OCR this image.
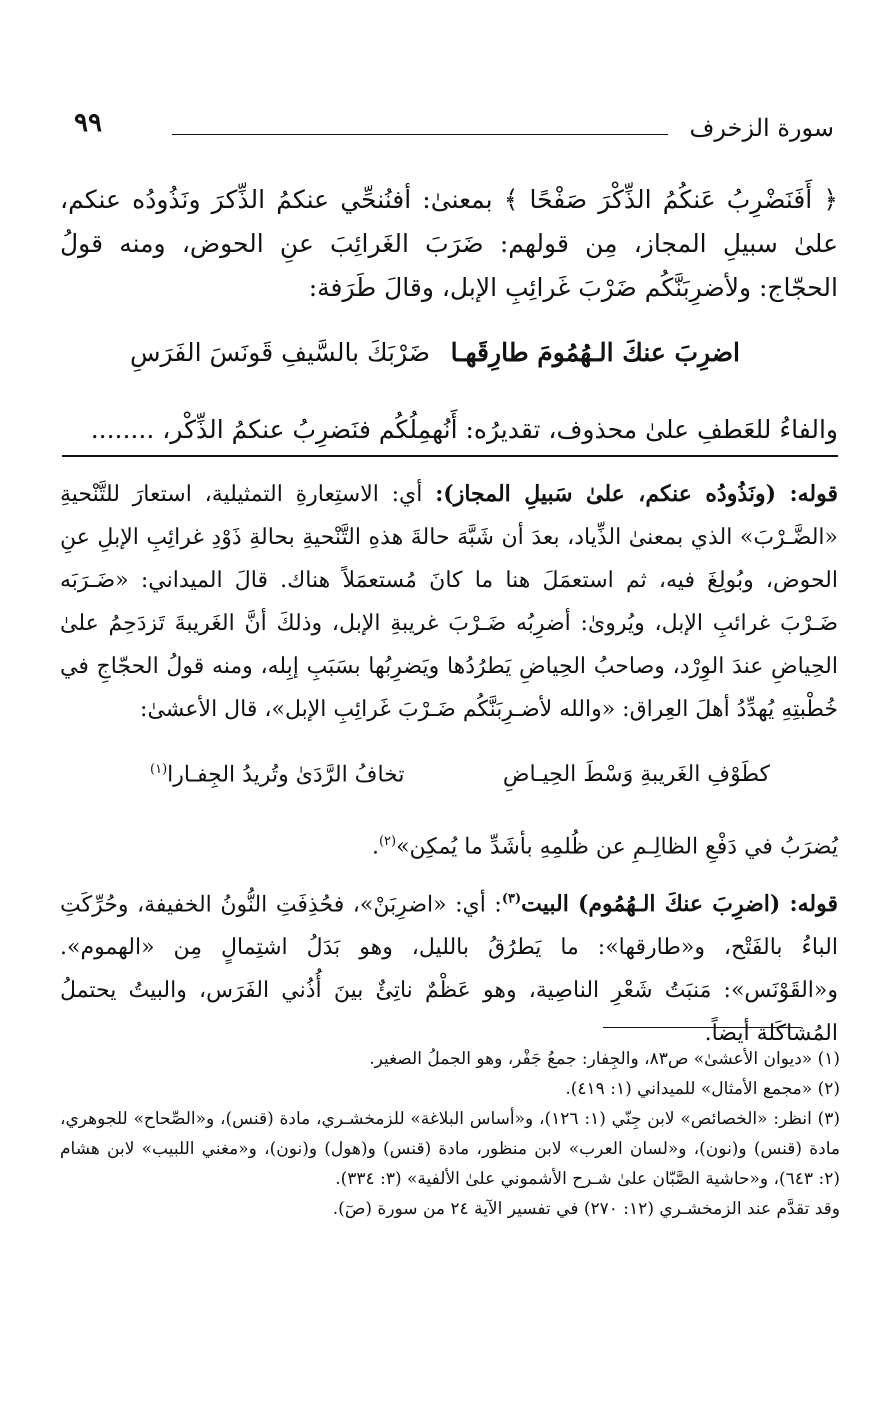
سورة الزخرف
٩٩

﴿ أَفَنَضْرِبُ عَنكُمُ الذِّكْرَ صَفْحًا ﴾ بمعنىٰ: أفنُنحِّي عنكمُ الذِّكرَ ونَذُودُه عنكم، علىٰ سبيلِ المجاز، مِن قولهم: ضَرَبَ الغَرائِبَ عنِ الحوض، ومنه قولُ الحجّاج: ولأضرِبَنَّكُم ضَرْبَ غَرائِبِ الإبل، وقالَ طَرَفة:

اضرِبَ عنكَ الـهُمُومَ طارِقَهـا
ضَرْبَكَ بالسَّيفِ قَونَسَ الفَرَسِ

والفاءُ للعَطفِ علىٰ محذوف، تقديرُه: أَنُهمِلُكُم فنَضرِبُ عنكمُ الذِّكْر، ........

قوله: (ونَذُودُه عنكم، علىٰ سَبيلِ المجاز): أي: الاستِعارةِ التمثيلية، استعارَ للتَّنْحيةِ «الضَّـرْبَ» الذي بمعنىٰ الذِّياد، بعدَ أن شَبَّهَ حالةَ هذهِ التَّنْحيةِ بحالةِ ذَوْدِ غرائِبِ الإبلِ عنِ الحوض، وبُولِغَ فيه، ثم استعمَلَ هنا ما كانَ مُستعمَلاً هناك. قالَ الميداني: «ضَـرَبَه ضَـرْبَ غرائبِ الإبل، ويُروىٰ: أضرِبُه ضَـرْبَ غريبةِ الإبل، وذلكَ أنَّ الغَريبةَ تَزدَحِمُ علىٰ الحِياضِ عندَ الوِرْد، وصاحبُ الحِياضِ يَطرُدُها ويَضرِبُها بسَبَبِ إبِله، ومنه قولُ الحجّاجِ في خُطْبتِهِ يُهدِّدُ أهلَ العِراق: «والله لأضـرِبَنَّكُم ضَـرْبَ غَرائِبِ الإبل»، قال الأعشىٰ:

كطَوْفِ الغَريبةِ وَسْطَ الحِيـاضِ
تخافُ الرَّدَىٰ وتُريدُ الجِفـارا$^{(١)}$

يُضرَبُ في دَفْعِ الظالِـمِ عن ظُلمِهِ بأشَدِّ ما يُمكِن»$^{(٢)}$.

قوله: (اضرِبَ عنكَ الـهُمُوم) البيت$^{(٣)}$: أي: «اضرِبَنْ»، فحُذِفَتِ النُّونُ الخفيفة، وحُرِّكَتِ الباءُ بالفَتْح، و«طارقها»: ما يَطرُقُ بالليل، وهو بَدَلُ اشتِمالٍ مِن «الهموم». و«القَوْنَس»: مَنبَتُ شَعْرِ الناصِية، وهو عَظْمٌ ناتِئٌ بينَ أُذُني الفَرَس، والبيتُ يحتملُ المُشاكَلة أيضاً.

(١) «ديوان الأعشىٰ» ص٨٣، والجِفار: جمعُ جَفْر، وهو الجملُ الصغير.

(٢) «مجمع الأمثال» للميداني (١: ٤١٩).

(٣) انظر: «الخصائص» لابن جِنّي (١: ١٢٦)، و«أساس البلاغة» للزمخشـري، مادة (قنس)، و«الصِّحاح» للجوهري، مادة (قنس) و(نون)، و«لسان العرب» لابن منظور، مادة (قنس) و(هول) و(نون)، و«مغني اللبيب» لابن هشام (٢: ٦٤٣)، و«حاشية الصَّبّان علىٰ شـرح الأشموني علىٰ الألفية» (٣: ٣٣٤).

وقد تقدَّم عند الزمخشـري (١٢: ٢٧٠) في تفسير الآية ٢٤ من سورة (صٓ).
